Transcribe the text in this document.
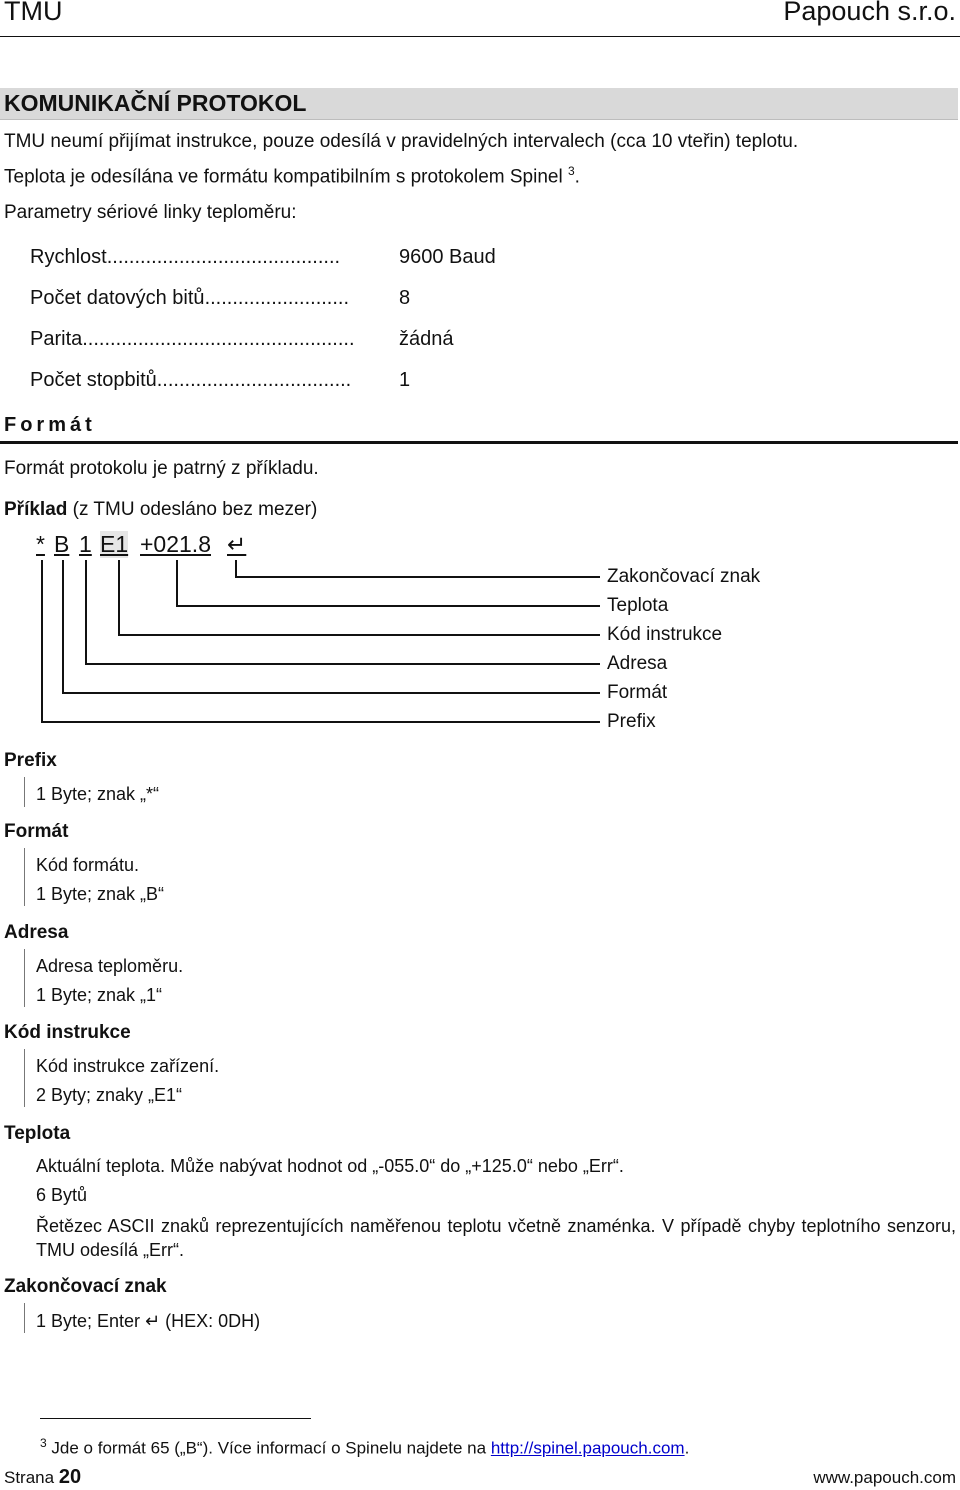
TMU	Papouch s.r.o.
KOMUNIKAČNÍ PROTOKOL
TMU neumí přijímat instrukce, pouze odesílá v pravidelných intervalech (cca 10 vteřin) teplotu.
Teplota je odesílána ve formátu kompatibilním s protokolem Spinel $^3$.
Parametry sériové linky teploměru:
Rychlost..........................................	9600 Baud
Počet datových bitů.......................... 8
Parita................................................. žádná
Počet stopbitů................................... 1
Formát
Formát protokolu je patrný z příkladu.
Příklad (z TMU odesláno bez mezer)
* B 1 E1 +021.8 ↵
Zakončovací znak
Teplota
Kód instrukce
Adresa
Formát
Prefix
Prefix
1 Byte; znak „*“
Formát
Kód formátu.
1 Byte; znak „B“
Adresa
Adresa teploměru.
1 Byte; znak „1“
Kód instrukce
Kód instrukce zařízení.
2 Byty; znaky „E1“
Teplota
Aktuální teplota. Může nabývat hodnot od „-055.0“ do „+125.0“ nebo „Err“.
6 Bytů
Řetězec ASCII znaků reprezentujících naměřenou teplotu včetně znaménka. V případě chyby teplotního senzoru, TMU odesílá „Err“.
Zakončovací znak
1 Byte; Enter ↵ (HEX: 0DH)
$^3$ Jde o formát 65 („B“). Více informací o Spinelu najdete na http://spinel.papouch.com.
Strana 20	www.papouch.com
